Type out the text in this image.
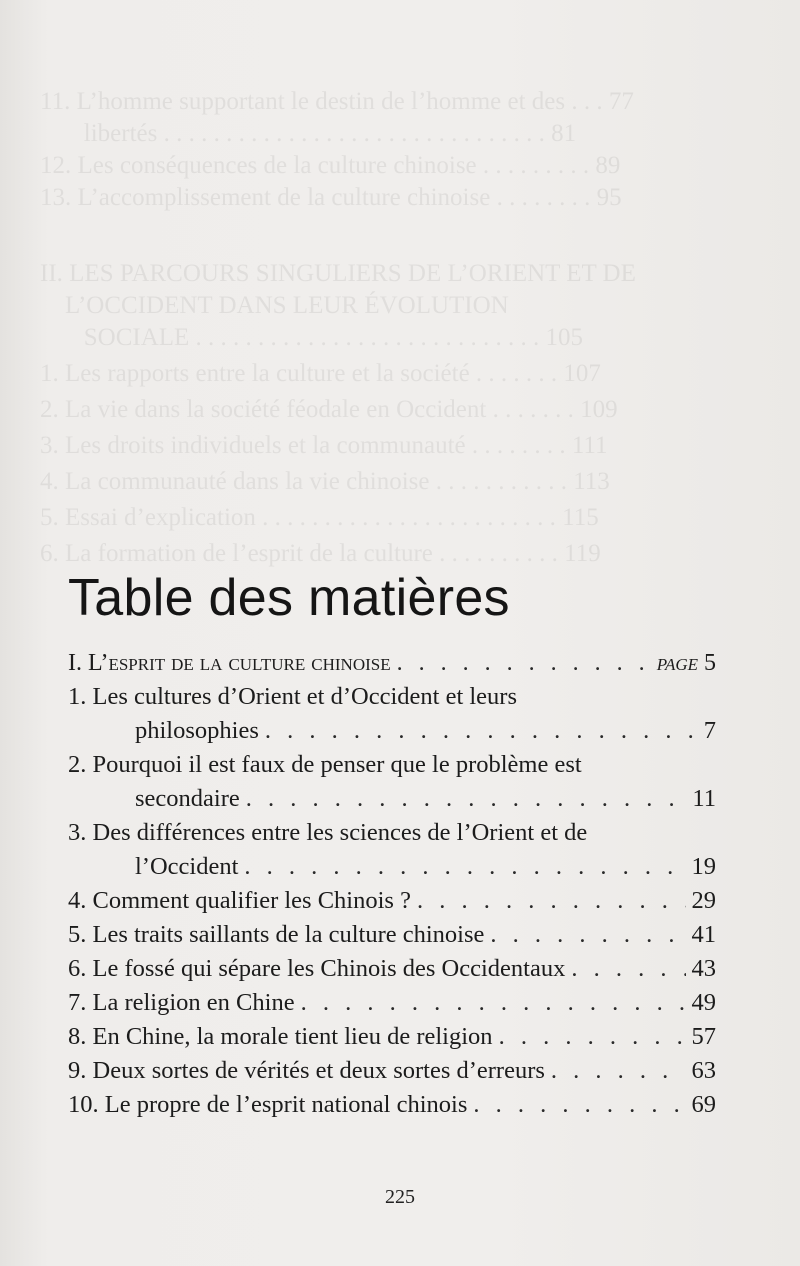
11. L’homme supportant le destin de l’homme et des . . . 77
libertés . . . . . . . . . . . . . . . . . . . . . . . . . . . . . . . 81
12. Les conséquences de la culture chinoise . . . . . . . . . 89
13. L’accomplissement de la culture chinoise . . . . . . . . 95
II. LES PARCOURS SINGULIERS DE L’ORIENT ET DE
L’OCCIDENT DANS LEUR ÉVOLUTION
SOCIALE . . . . . . . . . . . . . . . . . . . . . . . . . . . . 105
1. Les rapports entre la culture et la société . . . . . . . 107
2. La vie dans la société féodale en Occident . . . . . . . 109
3. Les droits individuels et la communauté . . . . . . . . 111
4. La communauté dans la vie chinoise . . . . . . . . . . . 113
5. Essai d’explication . . . . . . . . . . . . . . . . . . . . . . . . 115
6. La formation de l’esprit de la culture . . . . . . . . . . 119
Table des matières
I. L’esprit de la culture chinoise . . .	page 5
1. Les cultures d’Orient et d’Occident et leurs
philosophies . . .	7
2. Pourquoi il est faux de penser que le problème est
secondaire . . .	11
3. Des différences entre les sciences de l’Orient et de
l’Occident . . .	19
4. Comment qualifier les Chinois ? . . .	29
5. Les traits saillants de la culture chinoise . . .	41
6. Le fossé qui sépare les Chinois des Occidentaux . . .	43
7. La religion en Chine . . .	49
8. En Chine, la morale tient lieu de religion . . .	57
9. Deux sortes de vérités et deux sortes d’erreurs . . .	63
10. Le propre de l’esprit national chinois . . .	69
225
